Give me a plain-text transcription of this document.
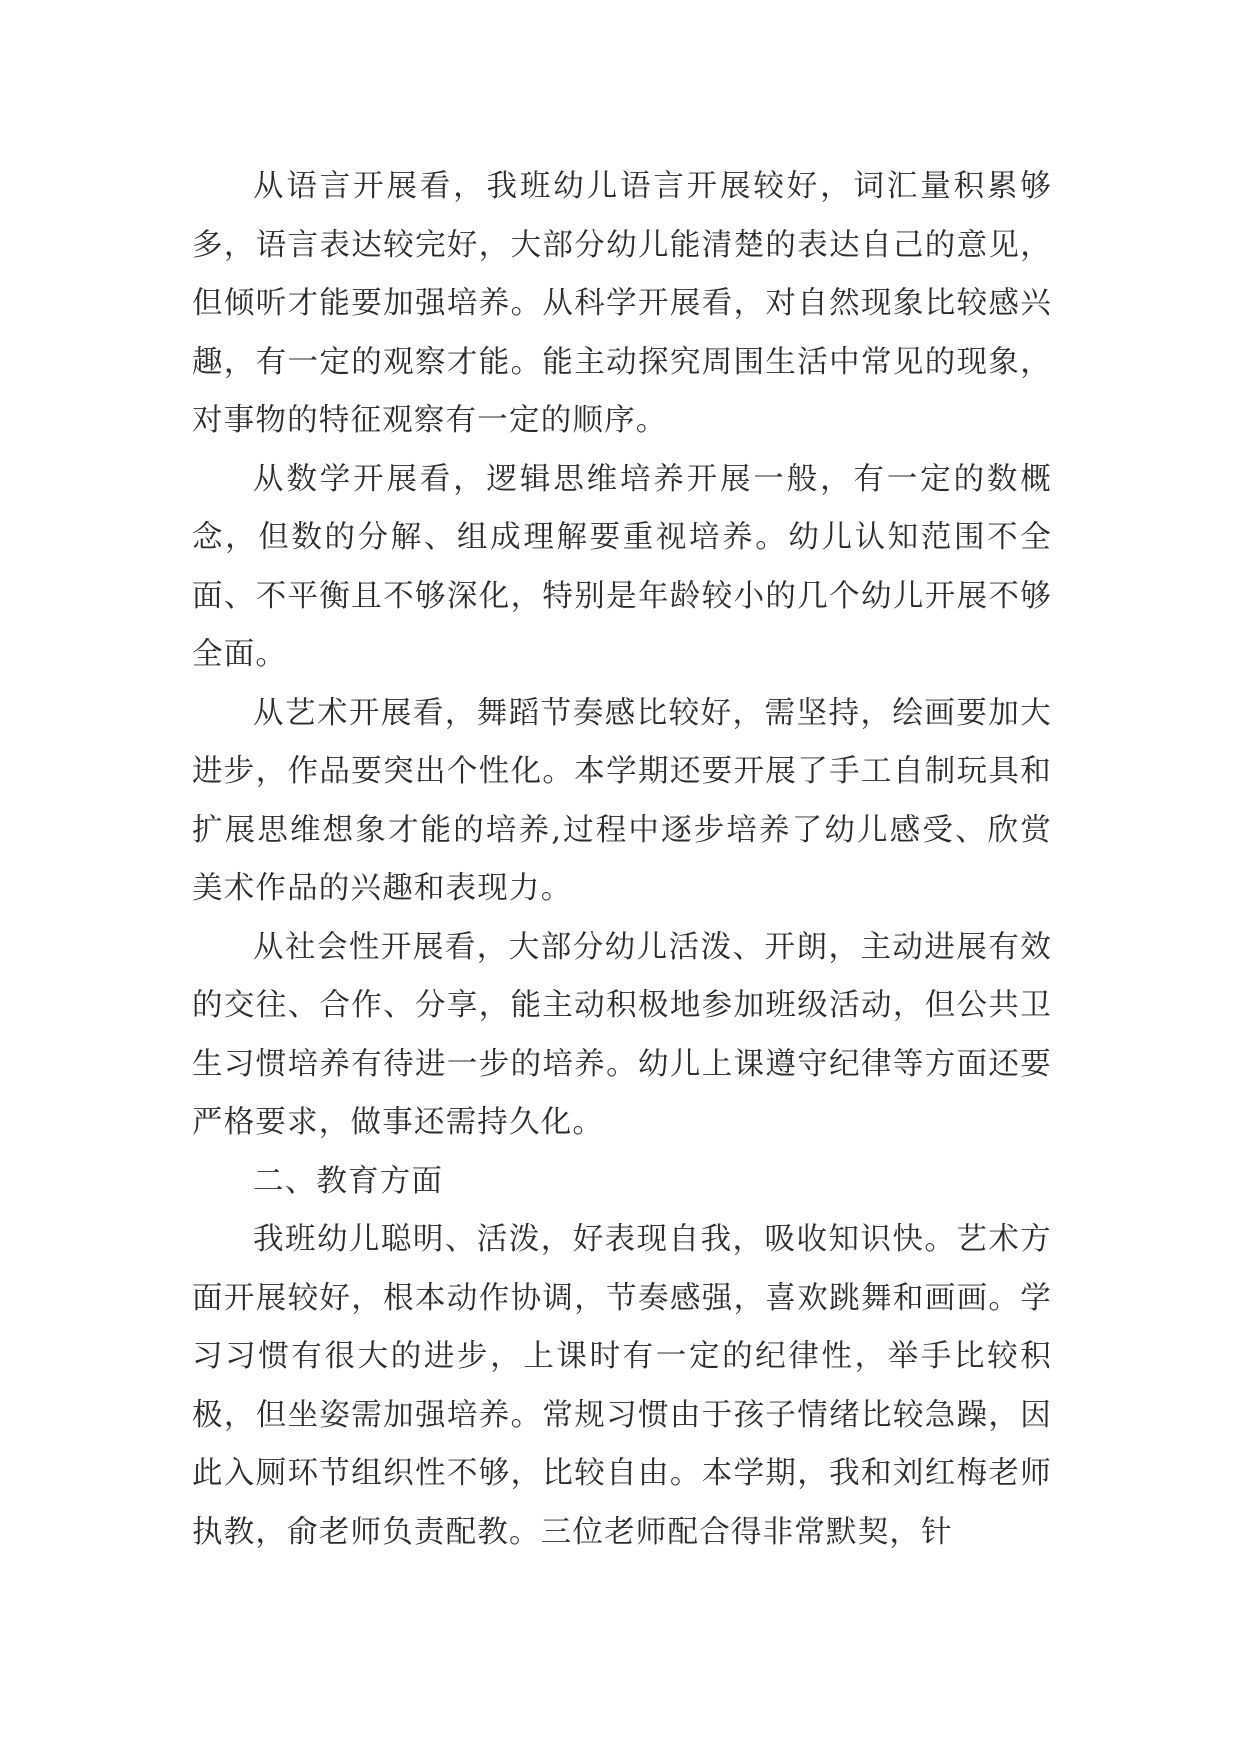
从语言开展看，我班幼儿语言开展较好，词汇量积累够多，语言表达较完好，大部分幼儿能清楚的表达自己的意见，但倾听才能要加强培养。从科学开展看，对自然现象比较感兴趣，有一定的观察才能。能主动探究周围生活中常见的现象，对事物的特征观察有一定的顺序。

从数学开展看，逻辑思维培养开展一般，有一定的数概念，但数的分解、组成理解要重视培养。幼儿认知范围不全面、不平衡且不够深化，特别是年龄较小的几个幼儿开展不够全面。

从艺术开展看，舞蹈节奏感比较好，需坚持，绘画要加大进步，作品要突出个性化。本学期还要开展了手工自制玩具和扩展思维想象才能的培养,过程中逐步培养了幼儿感受、欣赏美术作品的兴趣和表现力。

从社会性开展看，大部分幼儿活泼、开朗，主动进展有效的交往、合作、分享，能主动积极地参加班级活动，但公共卫生习惯培养有待进一步的培养。幼儿上课遵守纪律等方面还要严格要求，做事还需持久化。

二、教育方面

我班幼儿聪明、活泼，好表现自我，吸收知识快。艺术方面开展较好，根本动作协调，节奏感强，喜欢跳舞和画画。学习习惯有很大的进步，上课时有一定的纪律性，举手比较积极，但坐姿需加强培养。常规习惯由于孩子情绪比较急躁，因此入厕环节组织性不够，比较自由。本学期，我和刘红梅老师执教，俞老师负责配教。三位老师配合得非常默契，针
